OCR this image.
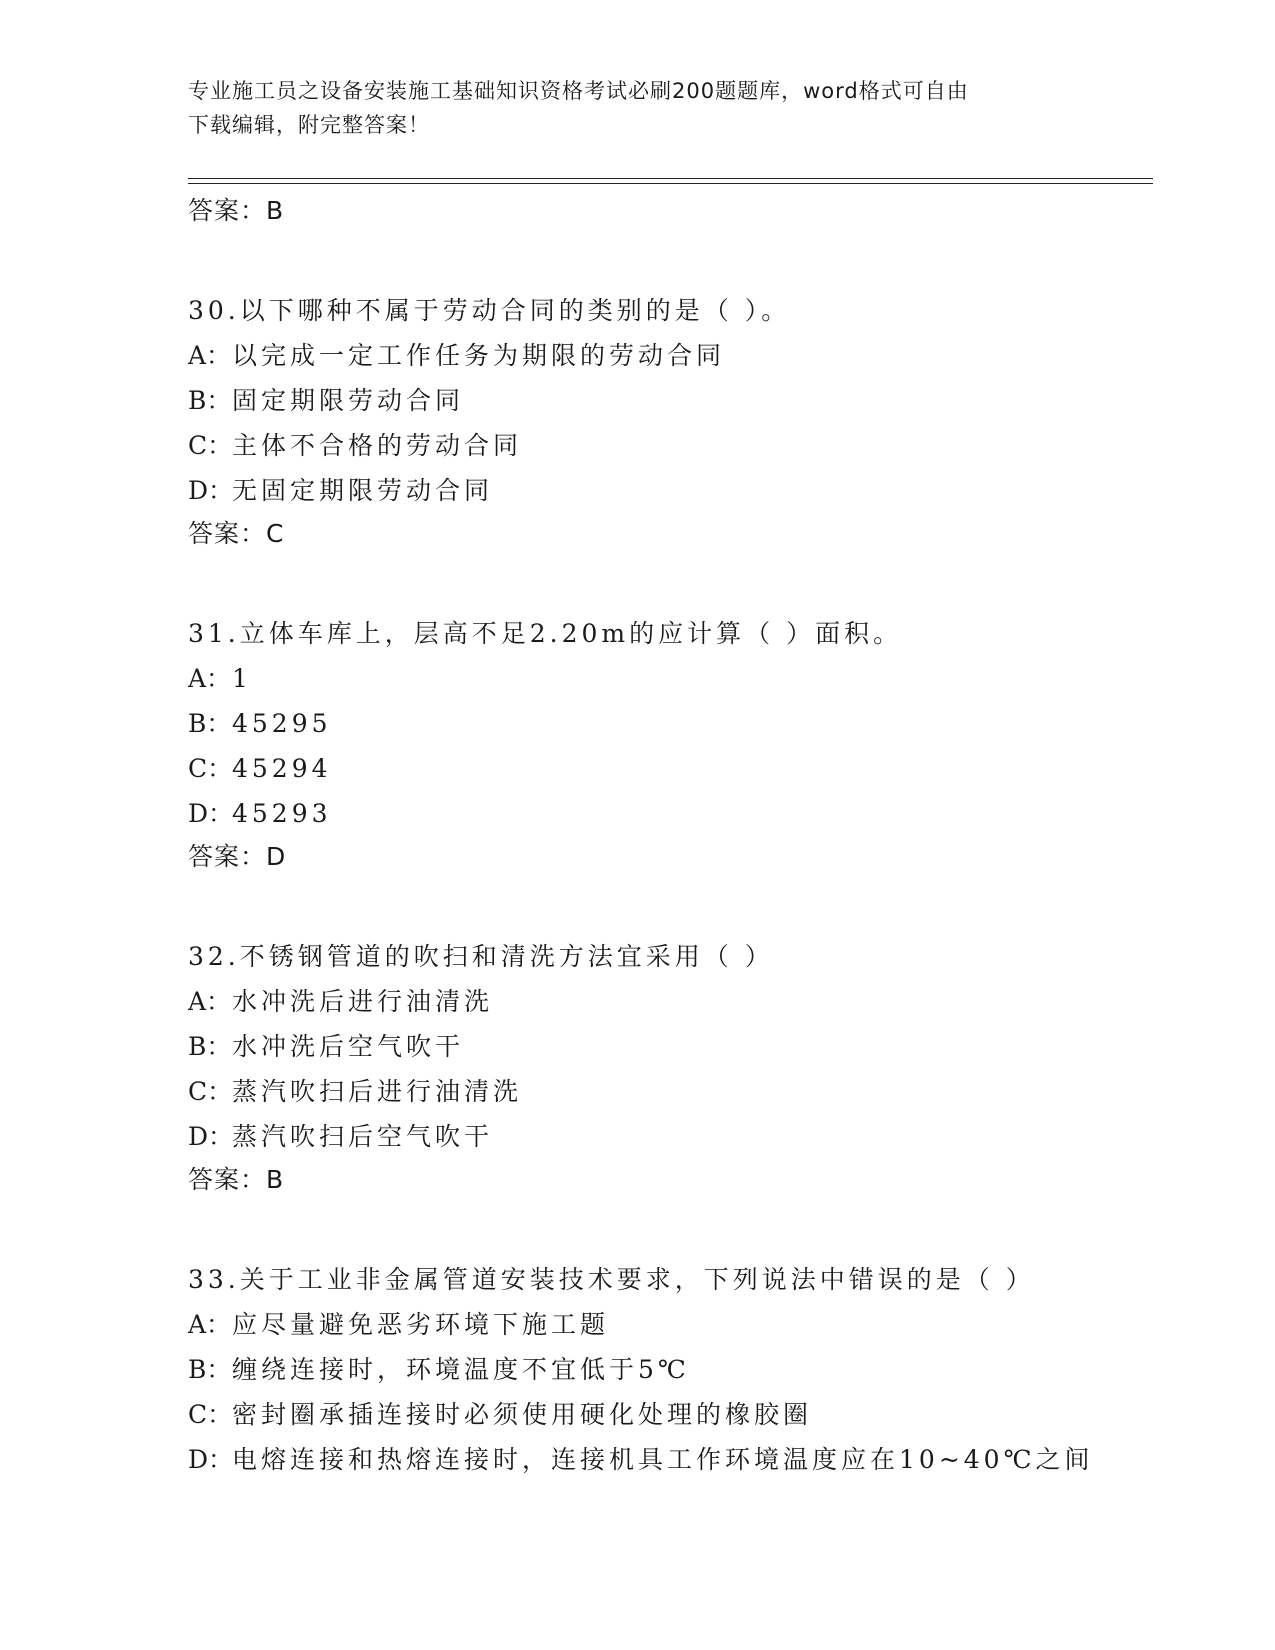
专业施工员之设备安装施工基础知识资格考试必刷200题题库，word格式可自由
下载编辑，附完整答案！
答案：B
30.以下哪种不属于劳动合同的类别的是（ ）。
A：以完成一定工作任务为期限的劳动合同
B：固定期限劳动合同
C：主体不合格的劳动合同
D：无固定期限劳动合同
答案：C
31.立体车库上，层高不足2.20m的应计算（ ）面积。
A：1
B：45295
C：45294
D：45293
答案：D
32.不锈钢管道的吹扫和清洗方法宜采用（ ）
A：水冲洗后进行油清洗
B：水冲洗后空气吹干
C：蒸汽吹扫后进行油清洗
D：蒸汽吹扫后空气吹干
答案：B
33.关于工业非金属管道安装技术要求，下列说法中错误的是（ ）
A：应尽量避免恶劣环境下施工题
B：缠绕连接时，环境温度不宜低于5℃
C：密封圈承插连接时必须使用硬化处理的橡胶圈
D：电熔连接和热熔连接时，连接机具工作环境温度应在10~40℃之间
